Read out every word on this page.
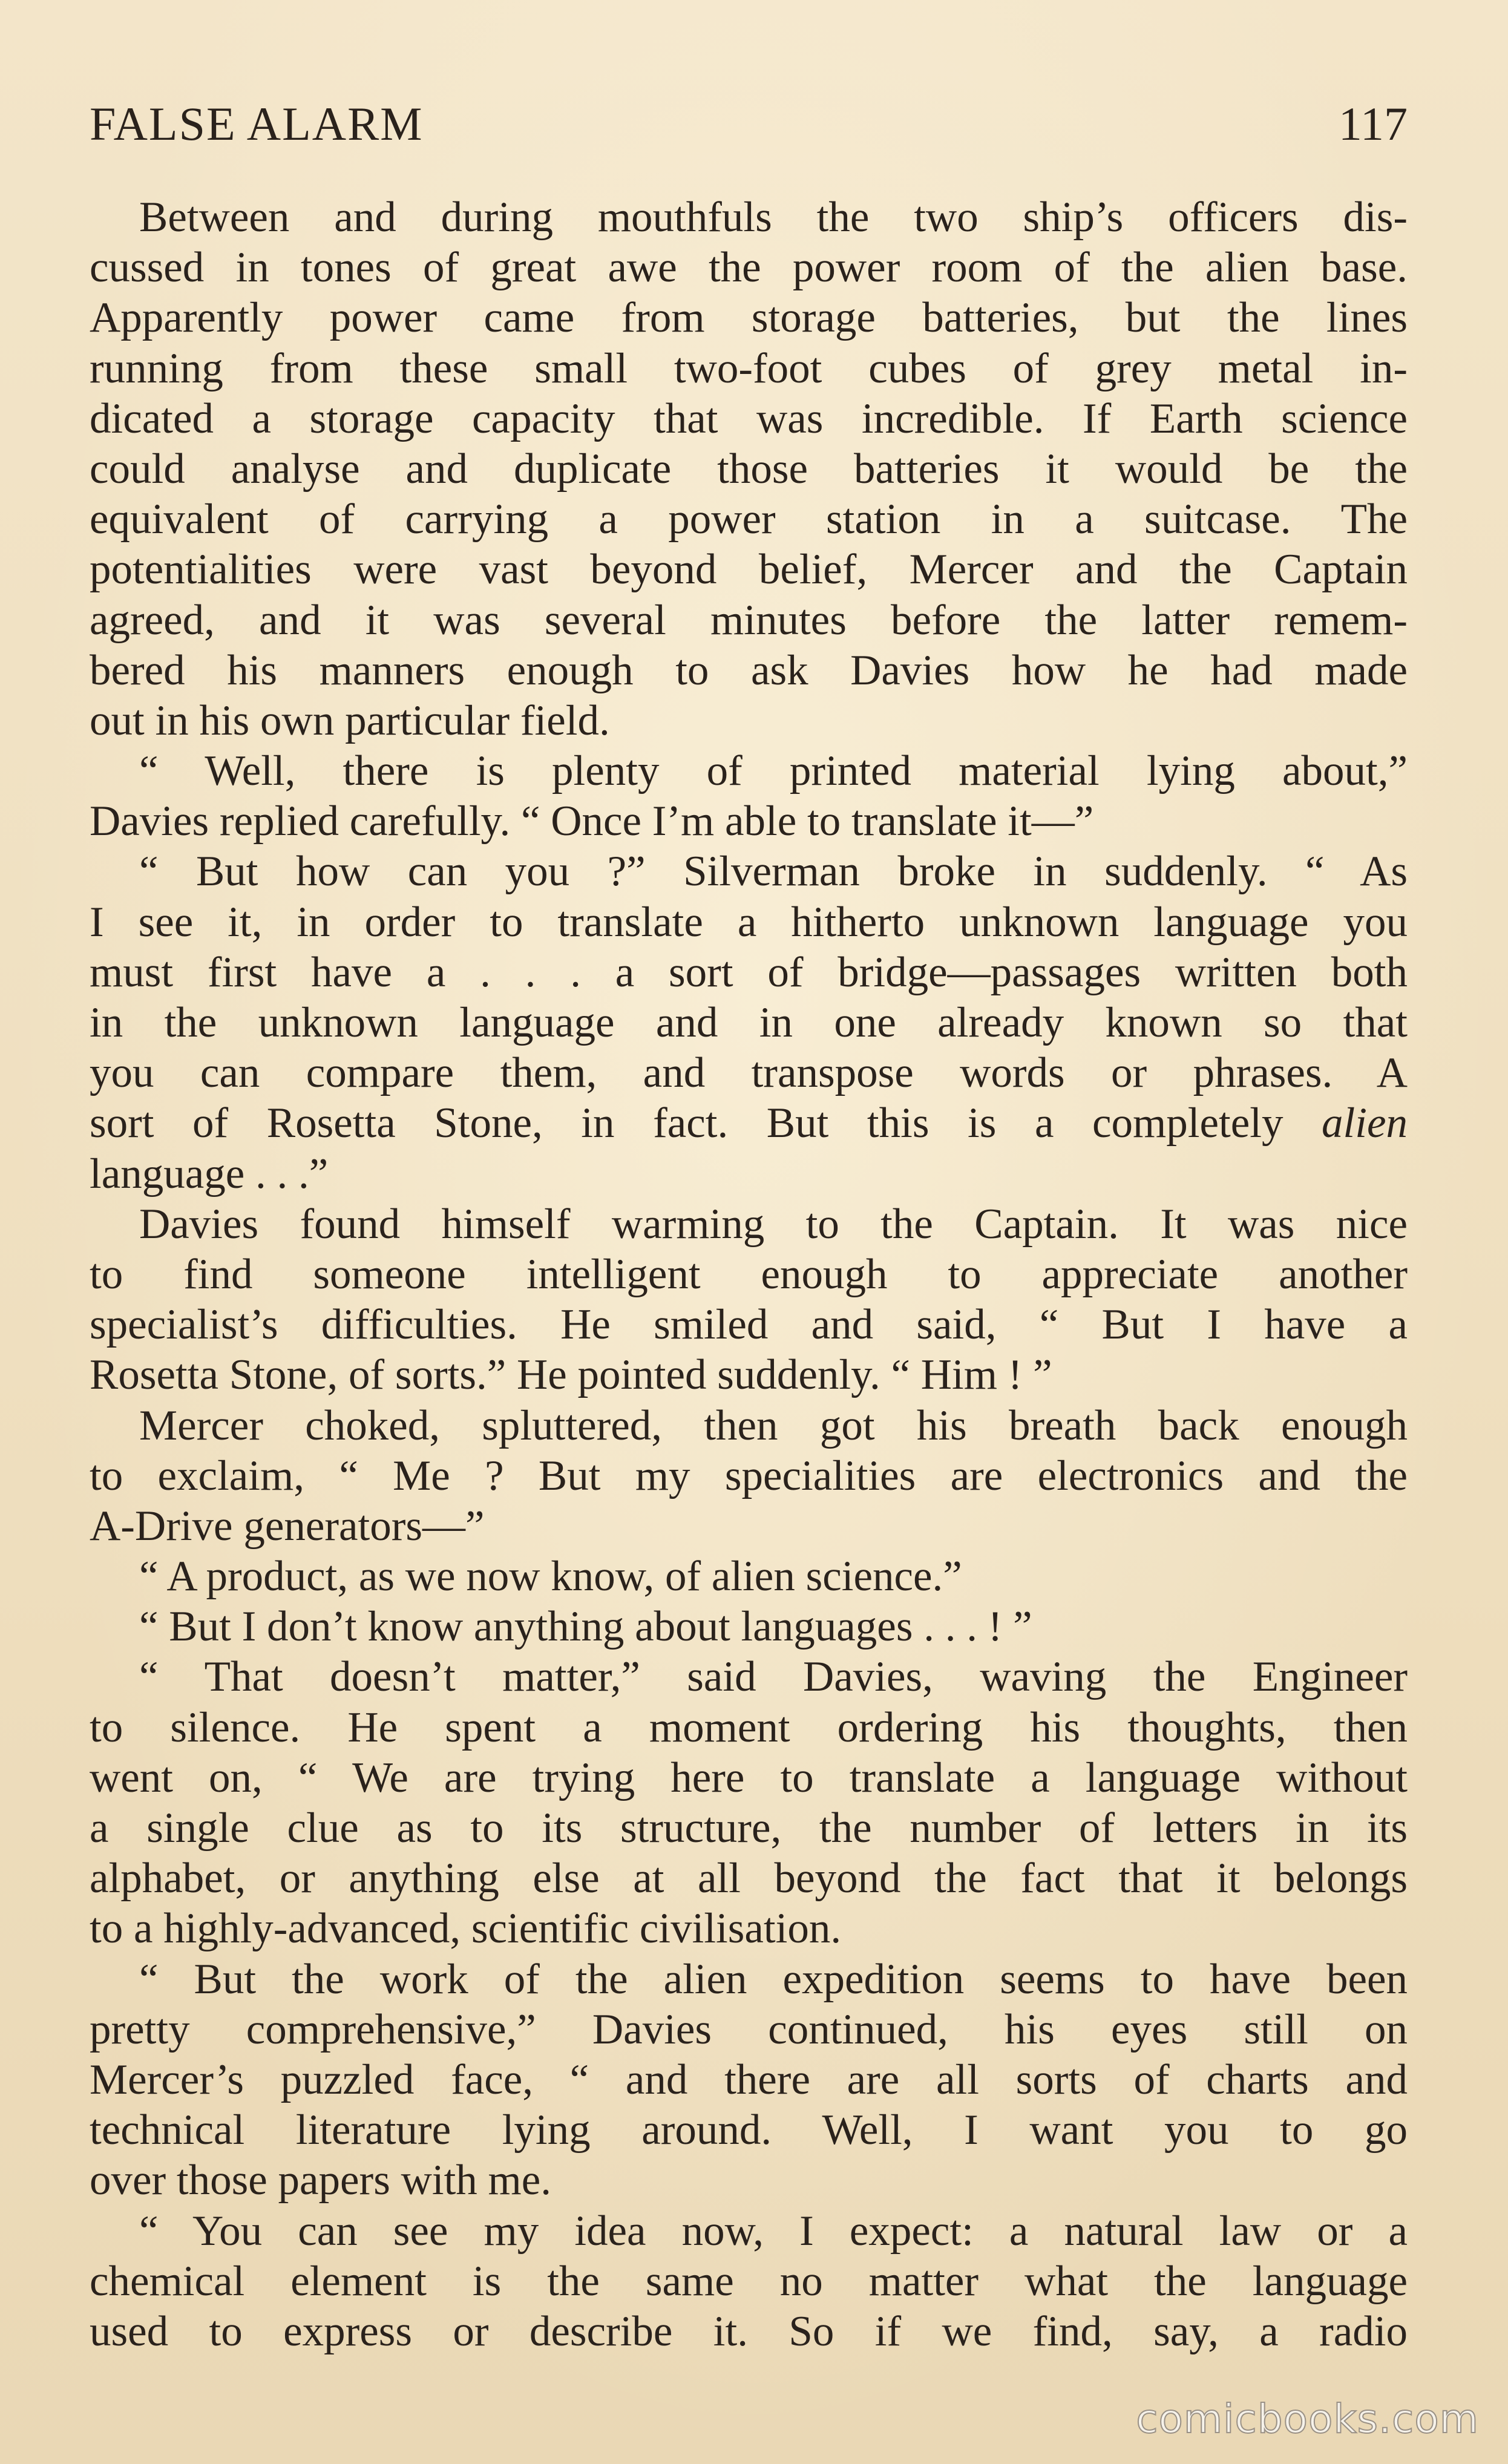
FALSE ALARM	117
Between and during mouthfuls the two ship’s officers dis-
cussed in tones of great awe the power room of the alien base.
Apparently power came from storage batteries, but the lines
running from these small two-foot cubes of grey metal in-
dicated a storage capacity that was incredible. If Earth science
could analyse and duplicate those batteries it would be the
equivalent of carrying a power station in a suitcase. The
potentialities were vast beyond belief, Mercer and the Captain
agreed, and it was several minutes before the latter remem-
bered his manners enough to ask Davies how he had made
out in his own particular field.
“ Well, there is plenty of printed material lying about,”
Davies replied carefully. “ Once I’m able to translate it—”
“ But how can you ?” Silverman broke in suddenly. “ As
I see it, in order to translate a hitherto unknown language you
must first have a . . . a sort of bridge—passages written both
in the unknown language and in one already known so that
you can compare them, and transpose words or phrases. A
sort of Rosetta Stone, in fact. But this is a completely alien
language . . .”
Davies found himself warming to the Captain. It was nice
to find someone intelligent enough to appreciate another
specialist’s difficulties. He smiled and said, “ But I have a
Rosetta Stone, of sorts.” He pointed suddenly. “ Him ! ”
Mercer choked, spluttered, then got his breath back enough
to exclaim, “ Me ? But my specialities are electronics and the
A-Drive generators—”
“ A product, as we now know, of alien science.”
“ But I don’t know anything about languages . . . ! ”
“ That doesn’t matter,” said Davies, waving the Engineer
to silence. He spent a moment ordering his thoughts, then
went on, “ We are trying here to translate a language without
a single clue as to its structure, the number of letters in its
alphabet, or anything else at all beyond the fact that it belongs
to a highly-advanced, scientific civilisation.
“ But the work of the alien expedition seems to have been
pretty comprehensive,” Davies continued, his eyes still on
Mercer’s puzzled face, “ and there are all sorts of charts and
technical literature lying around. Well, I want you to go
over those papers with me.
“ You can see my idea now, I expect: a natural law or a
chemical element is the same no matter what the language
used to express or describe it. So if we find, say, a radio
comicbooks.com
